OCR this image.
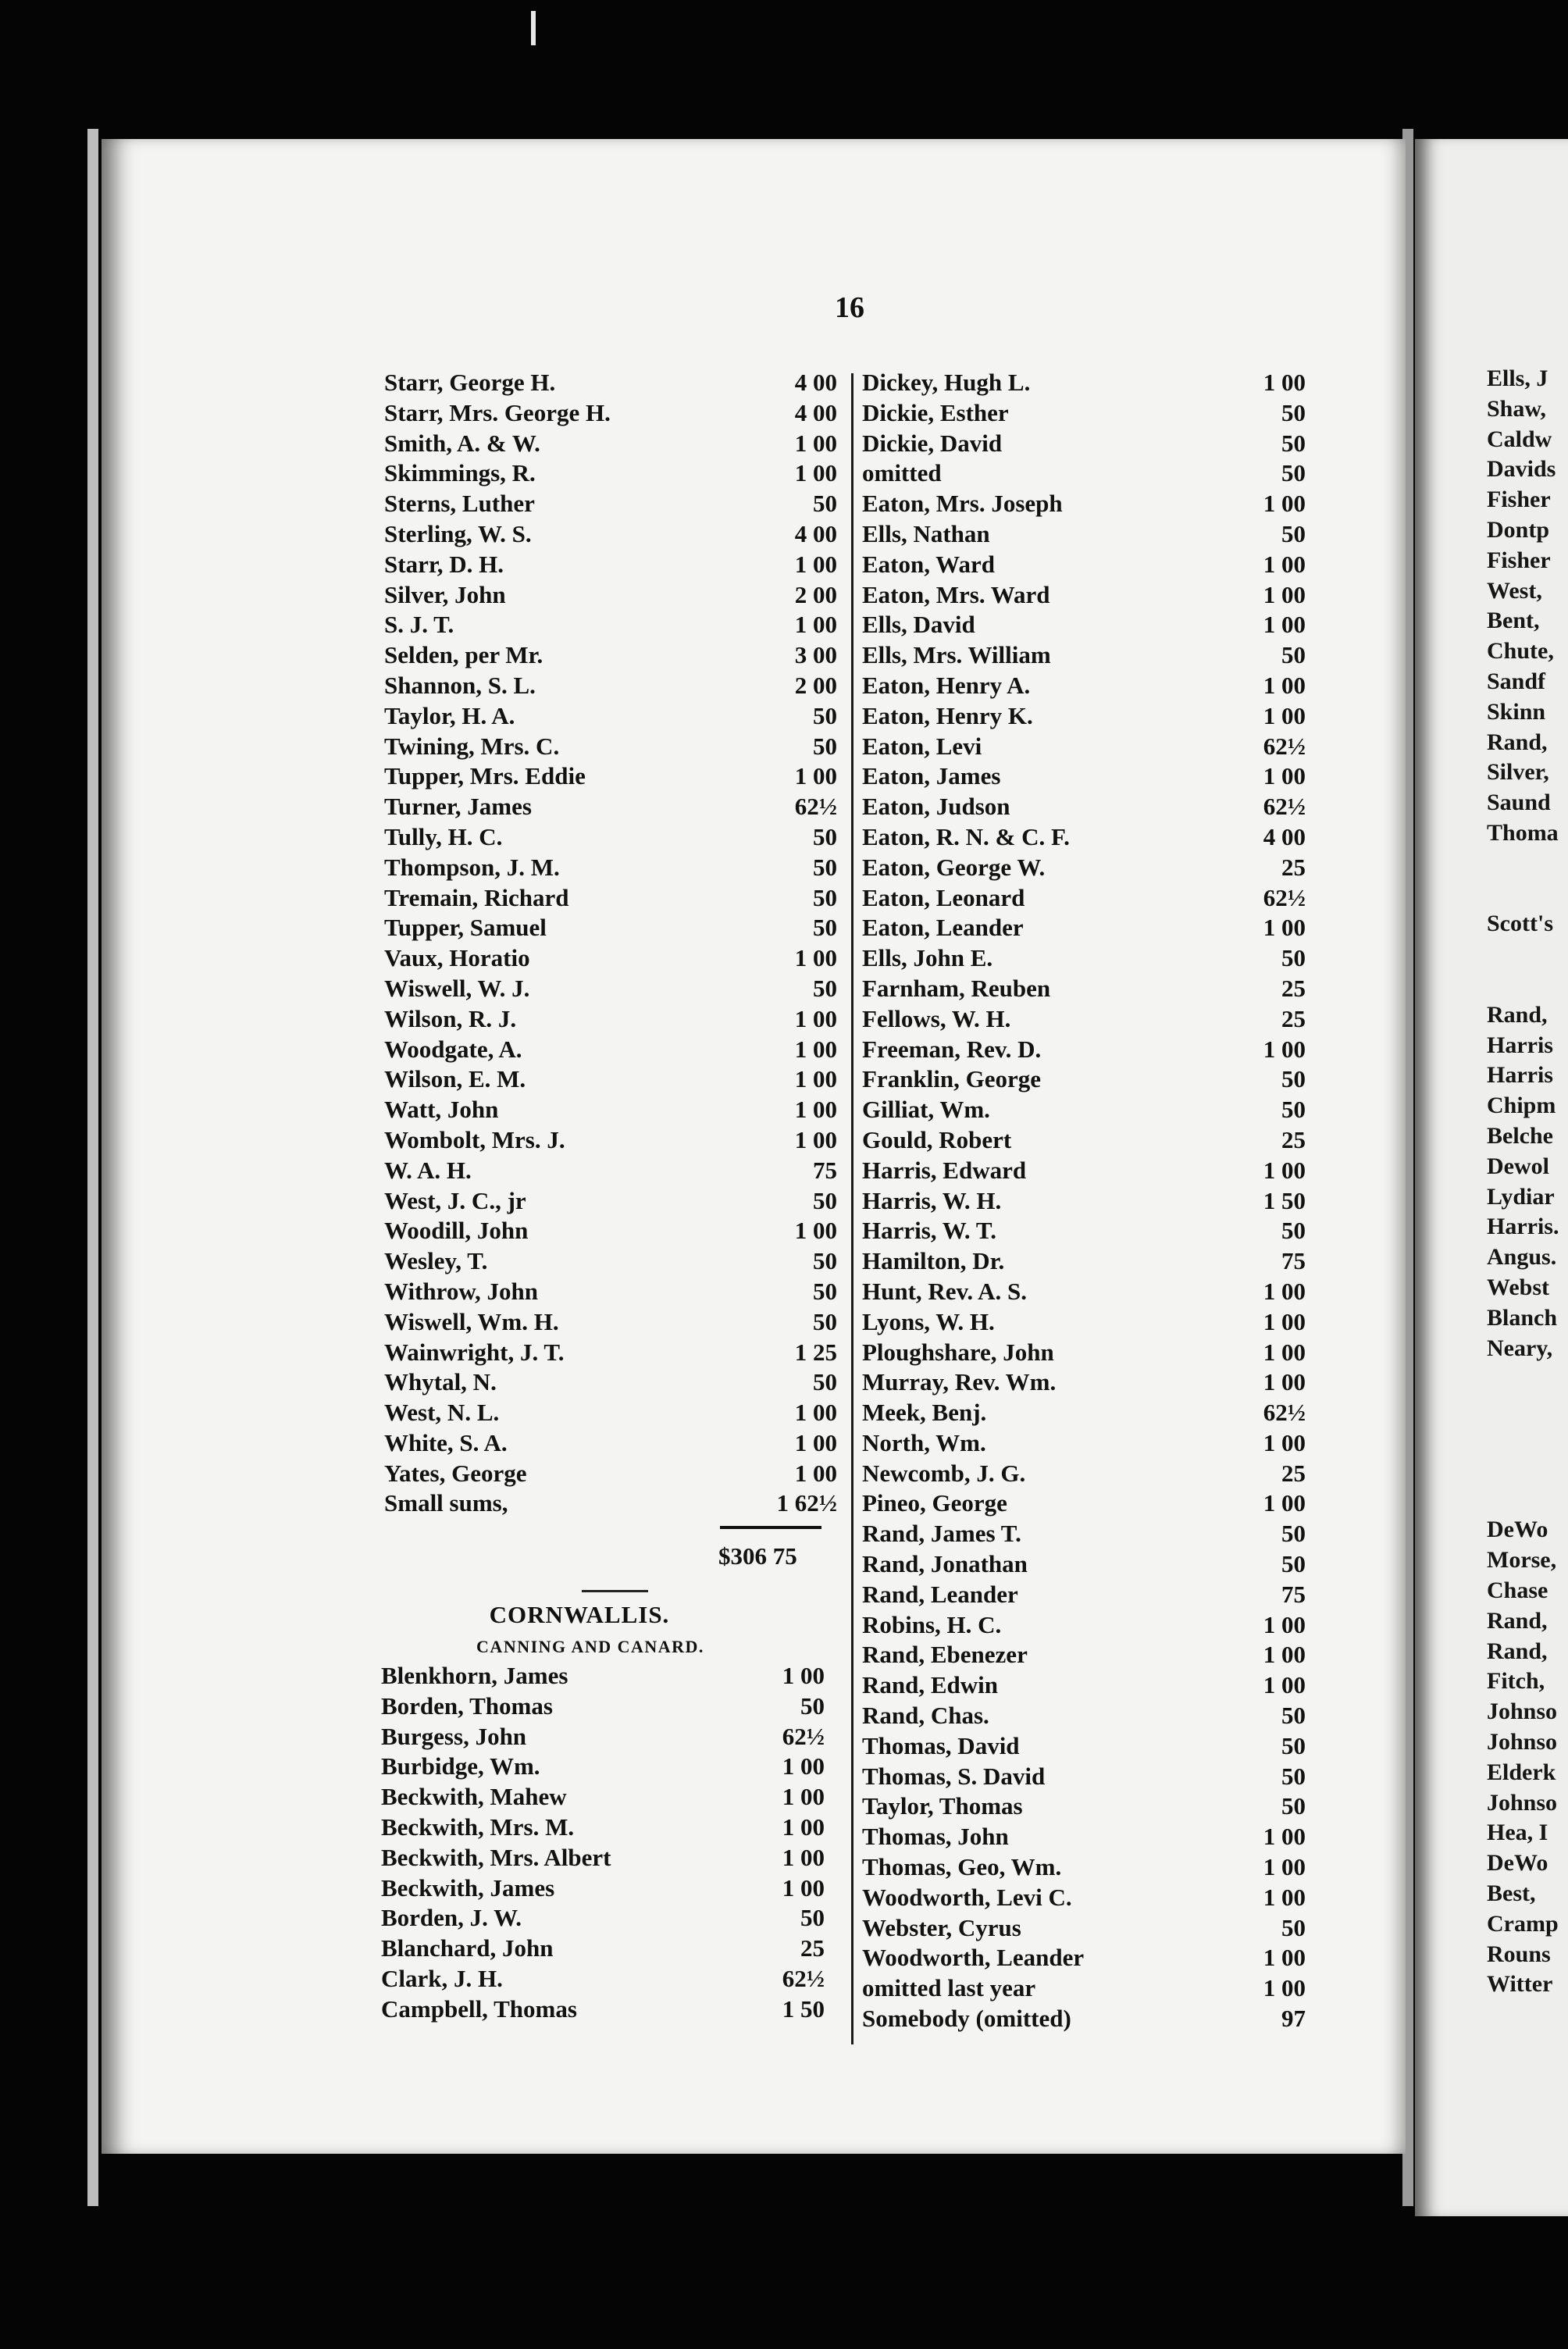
Ells, J
Shaw,
Caldw
Davids
Fisher
Dontp
Fisher
West,
Bent,
Chute,
Sandf
Skinn
Rand,
Silver,
Saund
Thoma
Scott's
Rand,
Harris
Harris
Chipm
Belche
Dewol
Lydiar
Harris.
Angus.
Webst
Blanch
Neary,
DeWo
Morse,
Chase
Rand,
Rand,
Fitch,
Johnso
Johnso
Elderk
Johnso
Hea, I
DeWo
Best,
Cramp
Rouns
Witter
16
Starr, George H.	4 00
Starr, Mrs. George H.	4 00
Smith, A. & W.	1 00
Skimmings, R.	1 00
Sterns, Luther	50
Sterling, W. S.	4 00
Starr, D. H.	1 00
Silver, John	2 00
S. J. T.	1 00
Selden, per Mr.	3 00
Shannon, S. L.	2 00
Taylor, H. A.	50
Twining, Mrs. C.	50
Tupper, Mrs. Eddie	1 00
Turner, James	62½
Tully, H. C.	50
Thompson, J. M.	50
Tremain, Richard	50
Tupper, Samuel	50
Vaux, Horatio	1 00
Wiswell, W. J.	50
Wilson, R. J.	1 00
Woodgate, A.	1 00
Wilson, E. M.	1 00
Watt, John	1 00
Wombolt, Mrs. J.	1 00
W. A. H.	75
West, J. C., jr	50
Woodill, John	1 00
Wesley, T.	50
Withrow, John	50
Wiswell, Wm. H.	50
Wainwright, J. T.	1 25
Whytal, N.	50
West, N. L.	1 00
White, S. A.	1 00
Yates, George	1 00
Small sums,	1 62½
$306 75
CORNWALLIS.
CANNING AND CANARD.
Blenkhorn, James	1 00
Borden, Thomas	50
Burgess, John	62½
Burbidge, Wm.	1 00
Beckwith, Mahew	1 00
Beckwith, Mrs. M.	1 00
Beckwith, Mrs. Albert	1 00
Beckwith, James	1 00
Borden, J. W.	50
Blanchard, John	25
Clark, J. H.	62½
Campbell, Thomas	1 50
Dickey, Hugh L.	1 00
Dickie, Esther	50
Dickie, David	50
omitted	50
Eaton, Mrs. Joseph	1 00
Ells, Nathan	50
Eaton, Ward	1 00
Eaton, Mrs. Ward	1 00
Ells, David	1 00
Ells, Mrs. William	50
Eaton, Henry A.	1 00
Eaton, Henry K.	1 00
Eaton, Levi	62½
Eaton, James	1 00
Eaton, Judson	62½
Eaton, R. N. & C. F.	4 00
Eaton, George W.	25
Eaton, Leonard	62½
Eaton, Leander	1 00
Ells, John E.	50
Farnham, Reuben	25
Fellows, W. H.	25
Freeman, Rev. D.	1 00
Franklin, George	50
Gilliat, Wm.	50
Gould, Robert	25
Harris, Edward	1 00
Harris, W. H.	1 50
Harris, W. T.	50
Hamilton, Dr.	75
Hunt, Rev. A. S.	1 00
Lyons, W. H.	1 00
Ploughshare, John	1 00
Murray, Rev. Wm.	1 00
Meek, Benj.	62½
North, Wm.	1 00
Newcomb, J. G.	25
Pineo, George	1 00
Rand, James T.	50
Rand, Jonathan	50
Rand, Leander	75
Robins, H. C.	1 00
Rand, Ebenezer	1 00
Rand, Edwin	1 00
Rand, Chas.	50
Thomas, David	50
Thomas, S. David	50
Taylor, Thomas	50
Thomas, John	1 00
Thomas, Geo, Wm.	1 00
Woodworth, Levi C.	1 00
Webster, Cyrus	50
Woodworth, Leander	1 00
omitted last year	1 00
Somebody (omitted)	97
